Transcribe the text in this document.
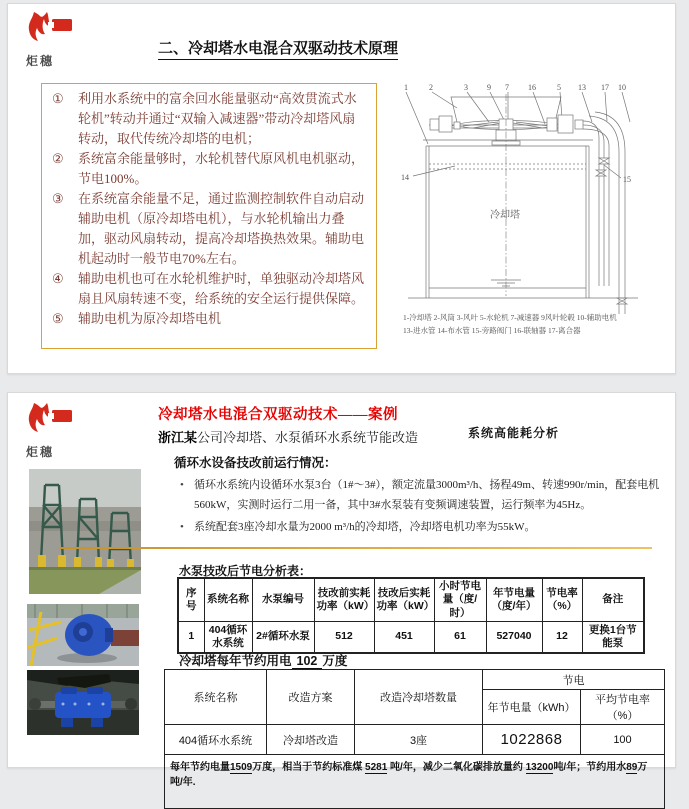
炬穗
二、冷却塔水电混合双驱动技术原理
①	利用水系统中的富余回水能量驱动“高效贯流式水轮机”转动并通过“双输入减速器”带动冷却塔风扇转动，取代传统冷却塔的电机；
②	系统富余能量够时，水轮机替代原风机电机驱动，节电100%。
③	在系统富余能量不足，通过监测控制软件自动启动辅助电机（原冷却塔电机），与水轮机输出力叠加，驱动风扇转动，提高冷却塔换热效果。辅助电机起动时一般节电70%左右。
④	辅助电机也可在水轮机维护时，单独驱动冷却塔风扇且风扇转速不变，给系统的安全运行提供保障。
⑤	辅助电机为原冷却塔电机
1	2	3 9 7 16	5 13 17 10
14	15
冷却塔
1-冷却塔 2-风筒 3-风叶 5-水轮机 7-减速器 9风叶轮毂 10-辅助电机
13-进水管 14-布水管 15-旁路阀门 16-联轴器 17-离合器
炬穗
冷却塔水电混合双驱动技术——案例
系统高能耗分析
浙江某公司冷却塔、水泵循环水系统节能改造
循环水设备技改前运行情况：
• 循环水系统内设循环水泵3台（1#～3#），额定流量3000m³/h、扬程49m、转速990r/min，配套电机560kW，实测时运行二用一备，其中3#水泵装有变频调速装置，运行频率为45Hz。
• 系统配套3座冷却水量为2000 m³/h的冷却塔，冷却塔电机功率为55kW。
水泵技改后节电分析表：
序号	系统名称	水泵编号	技改前实耗功率（kW）	技改后实耗功率（kW）	小时节电量（度/时）	年节电量（度/年）	节电率（%）	备注
1	404循环水系统	2#循环水泵	512	451	61	527040	12	更换1台节能泵
冷却塔每年节约用电 102 万度
系统名称	改造方案	改造冷却塔数量	节电	
			年节电量（kWh）	平均节电率（%）
404循环水系统	冷却塔改造	3座	1022868	100
每年节约电量1509万度，相当于节约标准煤 5281 吨/年，减少二氧化碳排放量约 13200吨/年；节约用水89万吨/年.				
